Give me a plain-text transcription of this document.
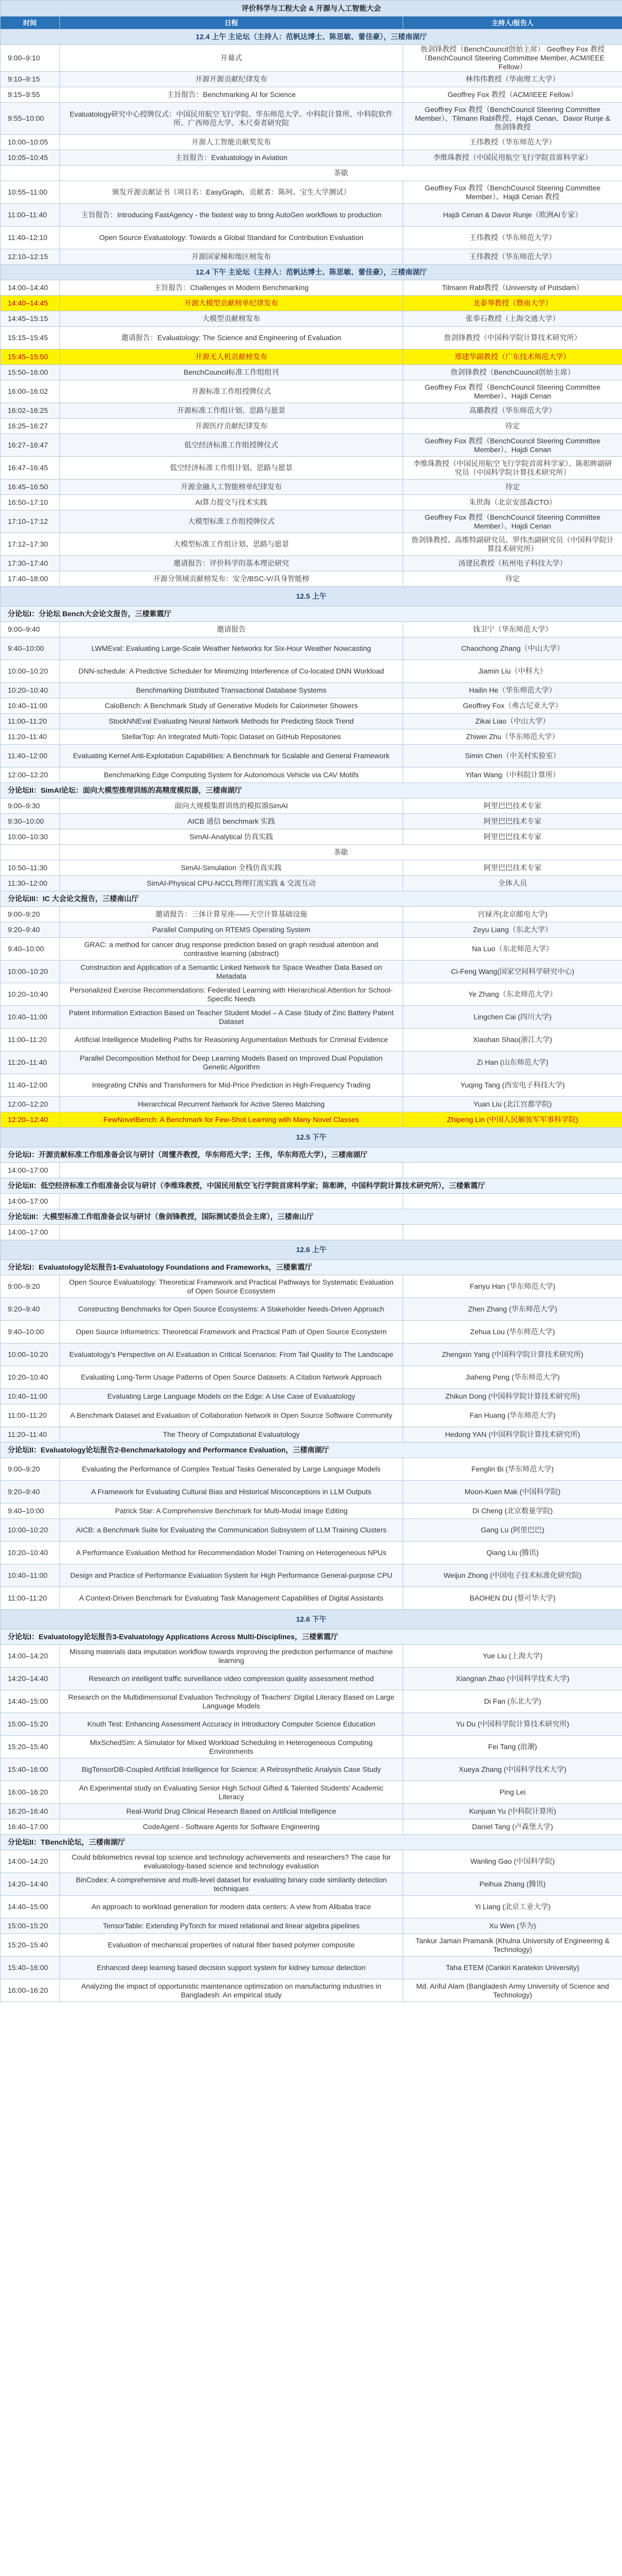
评价科学与工程大会 & 开源与人工智能大会		
时间	日程	主持人/报告人
12.4 上午 主论坛（主持人：范帆达博士、陈思敏、蕾佳豪），三楼南湖厅		
9:00–9:10	开幕式	詹剑锋教授（BenchCouncil创始主席） Geoffrey Fox 教授（BenchCouncil Steering Committee Member, ACM/IEEE Fellow）
9:10–9:15	开源开源贡献纪律发布	林伟伟教授（华南理工大学）
9:15–9:55	主旨报告：Benchmarking AI for Science	Geoffrey Fox 教授（ACM/IEEE Fellow）
9:55–10:00	Evaluatology研究中心授牌仪式：中国民用航空飞行学院、华东师范大学、中科院计算所、中科院软件所、广西师范大学、木尺奏者研究院	Geoffrey Fox 教授（BenchCouncil Steering Committee Member）、Tilmann Rabl教授、Hajdi Cenan、Davor Runje & 詹剑锋教授
10:00–10:05	开源人工智能贡献奖发布	王伟教授（华东师范大学）
10:05–10:45	主旨报告：Evaluatology in Aviation	李维珠教授（中国民用航空飞行学院首席科学家）
	茶歇	
10:55–11:00	颁发开源贡献证书（项目名：EasyGraph，贡献者：陈珂、宝生大学测试）	Geoffrey Fox 教授（BenchCouncil Steering Committee Member）、Hajdi Cenan 教授
11:00–11:40	主旨报告：Introducing FastAgency - the fastest way to bring AutoGen workflows to production	Hajdi Cenan & Davor Runje（欧洲AI专家）
11:40–12:10	Open Source Evaluatology: Towards a Global Standard for Contribution Evaluation	王伟教授（华东师范大学）
12:10–12:15	开源国家梯和地区榜发布	王伟教授（华东师范大学）
12.4 下午 主论坛（主持人：范帆达博士、陈思敏、蕾佳豪），三楼南湖厅		
14:00–14:40	主旨报告：Challenges in Modern Benchmarking	Tilmann Rabl教授（University of Potsdam）
14:40–14:45	开源大模型贡献榜单纪律发布	龙泰琴教授（暨南大学）
14:45–15:15	大模型贡献榜发布	张奉石教授（上海交通大学）
15:15–15:45	邀请报告：Evaluatology: The Science and Engineering of Evaluation	詹剑锋教授（中国科学院计算技术研究所）
15:45–15:50	开源无人机贡献榜发布	邢建华副教授（广东技术师范大学）
15:50–16:00	BenchCouncil标准工作组组刊	詹剑锋教授（BenchCouncil创始主席）
16:00–16:02	开源标准工作组授牌仪式	Geoffrey Fox 教授（BenchCouncil Steering Committee Member）、Hajdi Cenan
16:02–16:25	开源标准工作组计划、思路与愿景	高璐教授（华东师范大学）
16:25–16:27	开源医疗贡献纪律发布	待定
16:27–16:47	低空经济标准工作组授牌仪式	Geoffrey Fox 教授（BenchCouncil Steering Committee Member）、Hajdi Cenan
16:47–16:45	低空经济标准工作组计划、思路与愿景	李维珠教授（中国民用航空飞行学院首席科学家）、陈彰眸副研究员（中国科学院计算技术研究所）
16:45–16:50	开源金融人工智能榜单纪律发布	待定
16:50–17:10	AI算力提交与技术实践	朱世海（北京安部森CTO）
17:10–17:12	大模型标准工作组授牌仪式	Geoffrey Fox 教授（BenchCouncil Steering Committee Member）、Hajdi Cenan
17:12–17:30	大模型标准工作组计划、思路与愿景	詹剑锋教授、高维特副研究员、罗伟杰副研究员（中国科学院计算技术研究所）
17:30–17:40	邀请报告：评价科学的基本理论研究	汤建民教授（杭州电子科技大学）
17:40–18:00	开源分领域贡献榜发布：安全/BSC-V/具身智能榜	待定
12.5 上午		
分论坛I：分论坛 Bench大会论文报告，三楼紫霞厅		
9:00–9:40	邀请报告	钱卫宁（华东师范大学）
9:40–10:00	LWMEval: Evaluating Large-Scale Weather Networks for Six-Hour Weather Nowcasting	Chaochong Zhang（中山大学）
10:00–10:20	DNN-schedule: A Predictive Scheduler for Minimizing Interference of Co-located DNN Workload	Jiamin Liu（中科大）
10:20–10:40	Benchmarking Distributed Transactional Database Systems	Hailin He（华东师范大学）
10:40–11:00	CaloBench: A Benchmark Study of Generative Models for Calorimeter Showers	Geoffrey Fox（弗吉尼亚大学）
11:00–11:20	StockNNEval Evaluating Neural Network Methods for Predicting Stock Trend	Zikai Liao（中山大学）
11:20–11:40	StellarTop: An Integrated Multi-Topic Dataset on GitHub Repositories	Zhiwei Zhu（华东师范大学）
11:40–12:00	Evaluating Kernel Anti-Exploitation Capabilities: A Benchmark for Scalable and General Framework	Simin Chen（中关村实验室）
12:00–12:20	Benchmarking Edge Computing System for Autonomous Vehicle via CAV Motifs	Yifan Wang（中科院计算所）
分论坛II：SimAI论坛：面向大模型推理训练的高精度模拟器，三楼南湖厅		
9:00–9:30	面向大规模集群训练的模拟器SimAI	阿里巴巴技术专家
9:30–10:00	AICB 通信 benchmark 实践	阿里巴巴技术专家
10:00–10:30	SimAI-Analytical 仿真实践	阿里巴巴技术专家
	茶歇	
10:50–11:30	SimAI-Simulation 全栈仿真实践	阿里巴巴技术专家
11:30–12:00	SimAI-Physical CPU-NCCL物理打流实践 & 交流互动	全体人员
分论坛III：IC 大会论文报告，三楼南山厅		
9:00–9:20	邀请报告：三体计算星座——天空计算基础设施	宫禄齐(北京邮电大学)
9:20–9:40	Parallel Computing on RTEMS Operating System	Zeyu Liang（东北大学）
9:40–10:00	GRAC: a method for cancer drug response prediction based on graph residual attention and contrastive learning (abstract)	Na Luo（东北师范大学）
10:00–10:20	Construction and Application of a Semantic Linked Network for Space Weather Data Based on Metadata	Ci-Feng Wang(国家空间科学研究中心)
10:20–10:40	Personalized Exercise Recommendations: Federated Learning with Hierarchical Attention for School-Specific Needs	Ye Zhang（东北师范大学）
10:40–11:00	Patent Information Extraction Based on Teacher Student Model – A Case Study of Zinc Battery Patent Dataset	Lingchen Cai (四川大学)
11:00–11:20	Artificial Intelligence Modelling Paths for Reasoning Argumentation Methods for Criminal Evidence	Xiaohan Shao(浙江大学)
11:20–11:40	Parallel Decomposition Method for Deep Learning Models Based on Improved Dual Population Genetic Algorithm	Zi Han (山东师范大学)
11:40–12:00	Integrating CNNs and Transformers for Mid-Price Prediction in High-Frequency Trading	Yuqing Tang (西安电子科技大学)
12:00–12:20	Hierarchical Recurrent Network for Active Stereo Matching	Yuan Liu (北江宫都学院)
12:20–12:40	FewNovelBench: A Benchmark for Few-Shot Learning with Many Novel Classes	Zhipeng Lin (中国人民解放军军事科学院)
12.5 下午		
分论坛I：开源贡献标准工作组准备会议与研讨（周懂齐教授，华东师范大学；王伟，华东师范大学），三楼南湖厅		
14:00–17:00		
分论坛II：低空经济标准工作组准备会议与研讨（李维珠教授，中国民用航空飞行学院首席科学家；陈彰眸，中国科学院计算技术研究所），三楼紫霞厅		
14:00–17:00		
分论坛III：大模型标准工作组准备会议与研讨（詹剑锋教授，国际测试委员会主席），三楼南山厅		
14:00–17:00		
12.6 上午		
分论坛I：Evaluatology论坛报告1-Evaluatology Foundations and Frameworks，三楼紫霞厅		
9:00–9:20	Open Source Evaluatology: Theoretical Framework and Practical Pathways for Systematic Evaluation of Open Source Ecosystem	Fanyu Han (华东师范大学)
9:20–9:40	Constructing Benchmarks for Open Source Ecosystems: A Stakeholder Needs-Driven Approach	Zhen Zhang (华东师范大学)
9:40–10:00	Open Source Informetrics: Theoretical Framework and Practical Path of Open Source Ecosystem	Zehua Lou (华东师范大学)
10:00–10:20	Evaluatology's Perspective on AI Evaluation in Critical Scenarios: From Tail Quality to The Landscape	Zhengxin Yang (中国科学院计算技术研究所)
10:20–10:40	Evaluating Long-Term Usage Patterns of Open Source Datasets: A Citation Network Approach	Jiaheng Peng (华东师范大学)
10:40–11:00	Evaluating Large Language Models on the Edge: A Use Case of Evaluatology	Zhikun Dong (中国科学院计算技术研究所)
11:00–11:20	A Benchmark Dataset and Evaluation of Collaboration Network in Open Source Software Community	Fan Huang (华东师范大学)
11:20–11:40	The Theory of Computational Evaluatology	Hedong YAN (中国科学院计算技术研究所)
分论坛II：Evaluatology论坛报告2-Benchmarkatology and Performance Evaluation，三楼南湖厅		
9:00–9:20	Evaluating the Performance of Complex Textual Tasks Generated by Large Language Models	Fenglin Bi (华东师范大学)
9:20–9:40	A Framework for Evaluating Cultural Bias and Historical Misconceptions in LLM Outputs	Moon-Kuen Mak (中国科学院)
9:40–10:00	Patrick Star: A Comprehensive Benchmark for Multi-Modal Image Editing	Di Cheng (北京数量学院)
10:00–10:20	AICB: a Benchmark Suite for Evaluating the Communication Subsystem of LLM Training Clusters	Gang Lu (阿里巴巴)
10:20–10:40	A Performance Evaluation Method for Recommendation Model Training on Heterogeneous NPUs	Qiang Liu (腾讯)
10:40–11:00	Design and Practice of Performance Evaluation System for High Performance General-purpose CPU	Weijun Zhong (中国电子技术标准化研究院)
11:00–11:20	A Context-Driven Benchmark for Evaluating Task Management Capabilities of Digital Assistants	BAOHEN DU (蔡可华大学)
12.6 下午		
分论坛I：Evaluatology论坛报告3-Evaluatology Applications Across Multi-Disciplines，三楼紫霞厅		
14:00–14:20	Missing materials data imputation workflow towards improving the prediction performance of machine learning	Yue Liu (上海大学)
14:20–14:40	Research on intelligent traffic surveillance video compression quality assessment method	Xiangnan Zhao (中国科学技术大学)
14:40–15:00	Research on the Multidimensional Evaluation Technology of Teachers' Digital Literacy Based on Large Language Models	Di Fan (东北大学)
15:00–15:20	Knuth Test: Enhancing Assessment Accuracy in Introductory Computer Science Education	Yu Du (中国科学院计算技术研究所)
15:20–15:40	MixSchedSim: A Simulator for Mixed Workload Scheduling in Heterogeneous Computing Environments	Fei Tang (浪潮)
15:40–16:00	BigTensorDB-Coupled Artificial Intelligence for Science: A Retrosynthetic Analysis Case Study	Xueya Zhang (中国科学技术大学)
16:00–16:20	An Experimental study on Evaluating Senior High School Gifted & Talented Students' Academic Literacy	Ping Lei
16:20–16:40	Real-World Drug Clinical Research Based on Artificial Intelligence	Kunjuan Yu (中科院计算所)
16:40–17:00	CodeAgent - Software Agents for Software Engineering	Daniel Tang (卢森堡大学)
分论坛II：TBench论坛，三楼南湖厅		
14:00–14:20	Could bibliometrics reveal top science and technology achievements and researchers? The case for evaluatology-based science and technology evaluation	Wanling Gao (中国科学院)
14:20–14:40	BinCodex: A comprehensive and multi-level dataset for evaluating binary code similarity detection techniques	Peihua Zhang (腾讯)
14:40–15:00	An approach to workload generation for modern data centers: A view from Alibaba trace	Yi Liang (北京工业大学)
15:00–15:20	TensorTable: Extending PyTorch for mixed relational and linear algebra pipelines	Xu Wen (华为)
15:20–15:40	Evaluation of mechanical properties of natural fiber based polymer composite	Tankur Jaman Pramanik (Khulna University of Engineering & Technology)
15:40–16:00	Enhanced deep learning based decision support system for kidney tumour detection	Taha ETEM (Cankiri Karatekin University)
16:00–16:20	Analyzing the impact of opportunistic maintenance optimization on manufacturing industries in Bangladesh: An empirical study	Md. Ariful Alam (Bangladesh Army University of Science and Technology)
